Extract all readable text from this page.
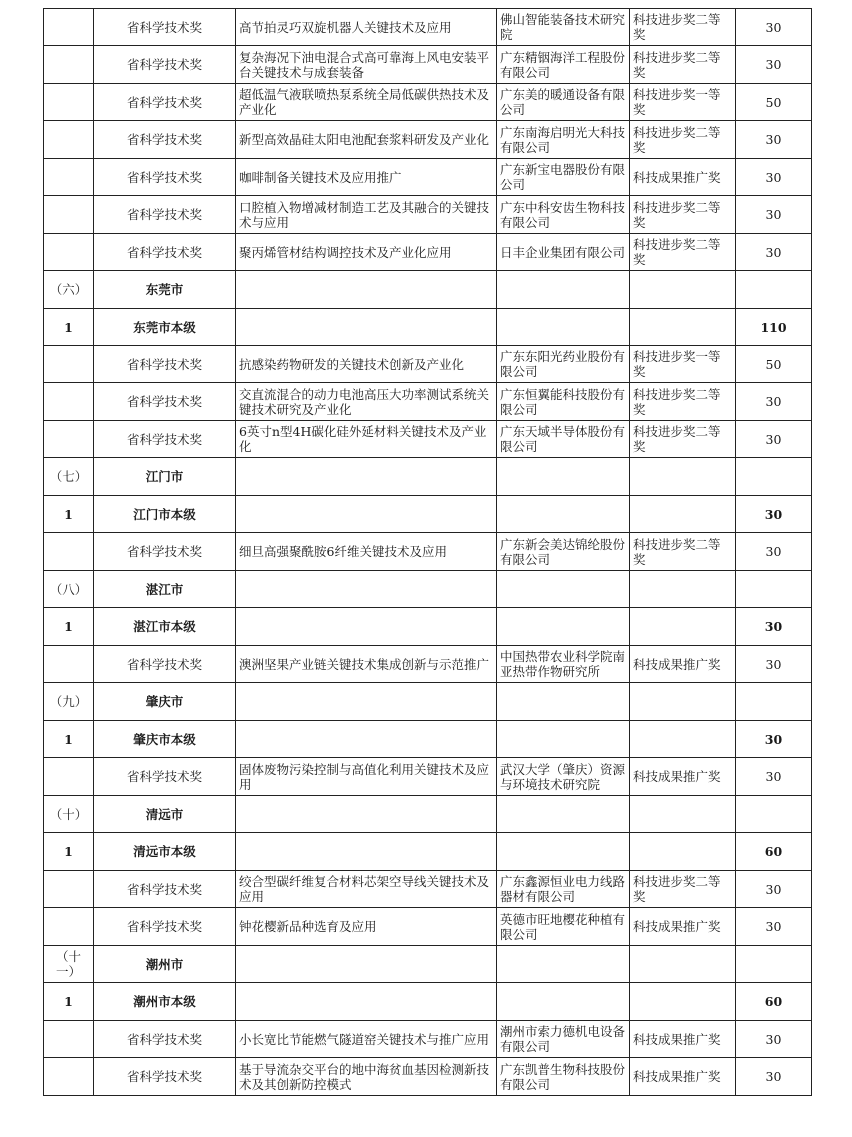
	省科学技术奖	高节拍灵巧双旋机器人关键技术及应用	佛山智能装备技术研究院	科技进步奖二等奖	30
	省科学技术奖	复杂海况下油电混合式高可靠海上风电安装平台关键技术与成套装备	广东精铟海洋工程股份有限公司	科技进步奖二等奖	30
	省科学技术奖	超低温气液联喷热泵系统全局低碳供热技术及产业化	广东美的暖通设备有限公司	科技进步奖一等奖	50
	省科学技术奖	新型高效晶硅太阳电池配套浆料研发及产业化	广东南海启明光大科技有限公司	科技进步奖二等奖	30
	省科学技术奖	咖啡制备关键技术及应用推广	广东新宝电器股份有限公司	科技成果推广奖	30
	省科学技术奖	口腔植入物增减材制造工艺及其融合的关键技术与应用	广东中科安齿生物科技有限公司	科技进步奖二等奖	30
	省科学技术奖	聚丙烯管材结构调控技术及产业化应用	日丰企业集团有限公司	科技进步奖二等奖	30
（六）	东莞市				
1	东莞市本级				110
	省科学技术奖	抗感染药物研发的关键技术创新及产业化	广东东阳光药业股份有限公司	科技进步奖一等奖	50
	省科学技术奖	交直流混合的动力电池高压大功率测试系统关键技术研究及产业化	广东恒翼能科技股份有限公司	科技进步奖二等奖	30
	省科学技术奖	6英寸n型4H碳化硅外延材料关键技术及产业化	广东天域半导体股份有限公司	科技进步奖二等奖	30
（七）	江门市				
1	江门市本级				30
	省科学技术奖	细旦高强聚酰胺6纤维关键技术及应用	广东新会美达锦纶股份有限公司	科技进步奖二等奖	30
（八）	湛江市				
1	湛江市本级				30
	省科学技术奖	澳洲坚果产业链关键技术集成创新与示范推广	中国热带农业科学院南亚热带作物研究所	科技成果推广奖	30
（九）	肇庆市				
1	肇庆市本级				30
	省科学技术奖	固体废物污染控制与高值化利用关键技术及应用	武汉大学（肇庆）资源与环境技术研究院	科技成果推广奖	30
（十）	清远市				
1	清远市本级				60
	省科学技术奖	绞合型碳纤维复合材料芯架空导线关键技术及应用	广东鑫源恒业电力线路器材有限公司	科技进步奖二等奖	30
	省科学技术奖	钟花樱新品种选育及应用	英德市旺地樱花种植有限公司	科技成果推广奖	30
（十一）	潮州市				
1	潮州市本级				60
	省科学技术奖	小长宽比节能燃气隧道窑关键技术与推广应用	潮州市索力德机电设备有限公司	科技成果推广奖	30
	省科学技术奖	基于导流杂交平台的地中海贫血基因检测新技术及其创新防控模式	广东凯普生物科技股份有限公司	科技成果推广奖	30
